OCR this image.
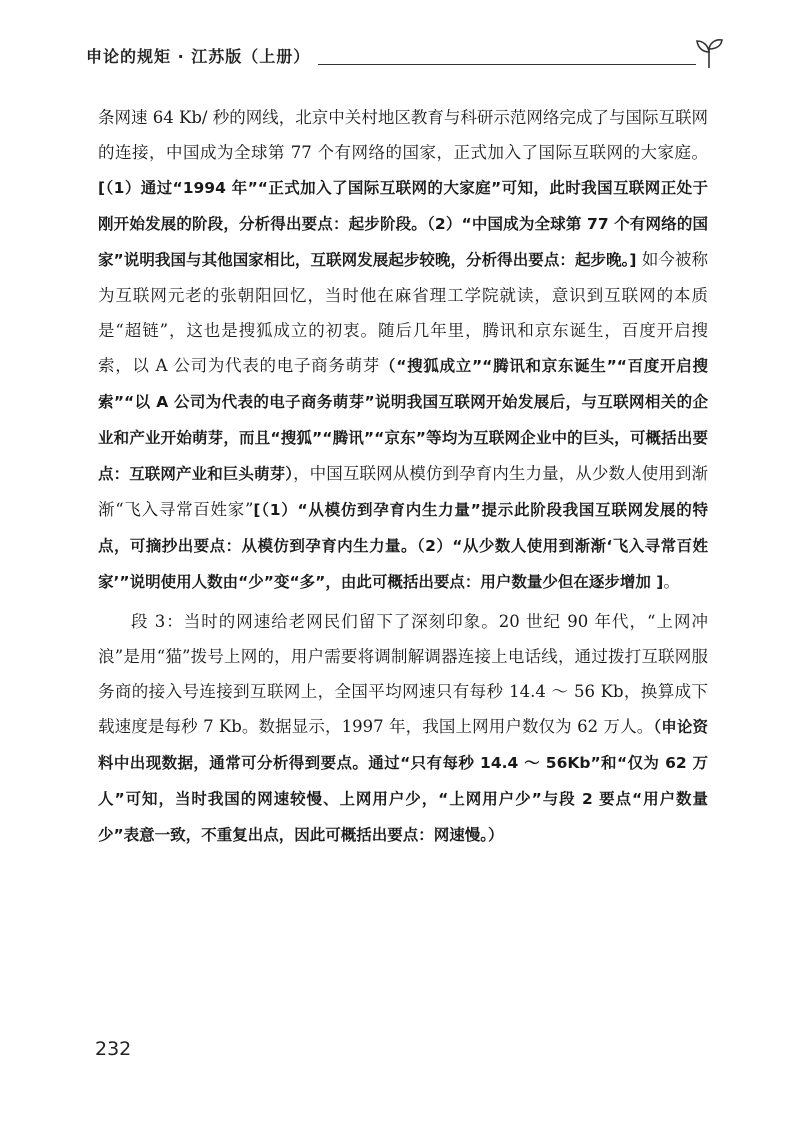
申论的规矩 · 江苏版（上册）

条网速 64 Kb/ 秒的网线，北京中关村地区教育与科研示范网络完成了与国际互联网的连接，中国成为全球第 77 个有网络的国家，正式加入了国际互联网的大家庭。[（1）通过“1994 年”“正式加入了国际互联网的大家庭”可知，此时我国互联网正处于刚开始发展的阶段，分析得出要点：起步阶段。（2）“中国成为全球第 77 个有网络的国家”说明我国与其他国家相比，互联网发展起步较晚，分析得出要点：起步晚。] 如今被称为互联网元老的张朝阳回忆，当时他在麻省理工学院就读，意识到互联网的本质是“超链”，这也是搜狐成立的初衷。随后几年里，腾讯和京东诞生，百度开启搜索，以 A 公司为代表的电子商务萌芽（“搜狐成立”“腾讯和京东诞生”“百度开启搜索”“以 A 公司为代表的电子商务萌芽”说明我国互联网开始发展后，与互联网相关的企业和产业开始萌芽，而且“搜狐”“腾讯”“京东”等均为互联网企业中的巨头，可概括出要点：互联网产业和巨头萌芽），中国互联网从模仿到孕育内生力量，从少数人使用到渐渐“飞入寻常百姓家”[（1）“从模仿到孕育内生力量”提示此阶段我国互联网发展的特点，可摘抄出要点：从模仿到孕育内生力量。（2）“从少数人使用到渐渐‘飞入寻常百姓家’”说明使用人数由“少”变“多”，由此可概括出要点：用户数量少但在逐步增加 ]。

段 3：当时的网速给老网民们留下了深刻印象。20 世纪 90 年代，“上网冲浪”是用“猫”拨号上网的，用户需要将调制解调器连接上电话线，通过拨打互联网服务商的接入号连接到互联网上，全国平均网速只有每秒 14.4 ～ 56 Kb，换算成下载速度是每秒 7 Kb。数据显示，1997 年，我国上网用户数仅为 62 万人。（申论资料中出现数据，通常可分析得到要点。通过“只有每秒 14.4 ～ 56Kb”和“仅为 62 万人”可知，当时我国的网速较慢、上网用户少，“上网用户少”与段 2 要点“用户数量少”表意一致，不重复出点，因此可概括出要点：网速慢。）

232
